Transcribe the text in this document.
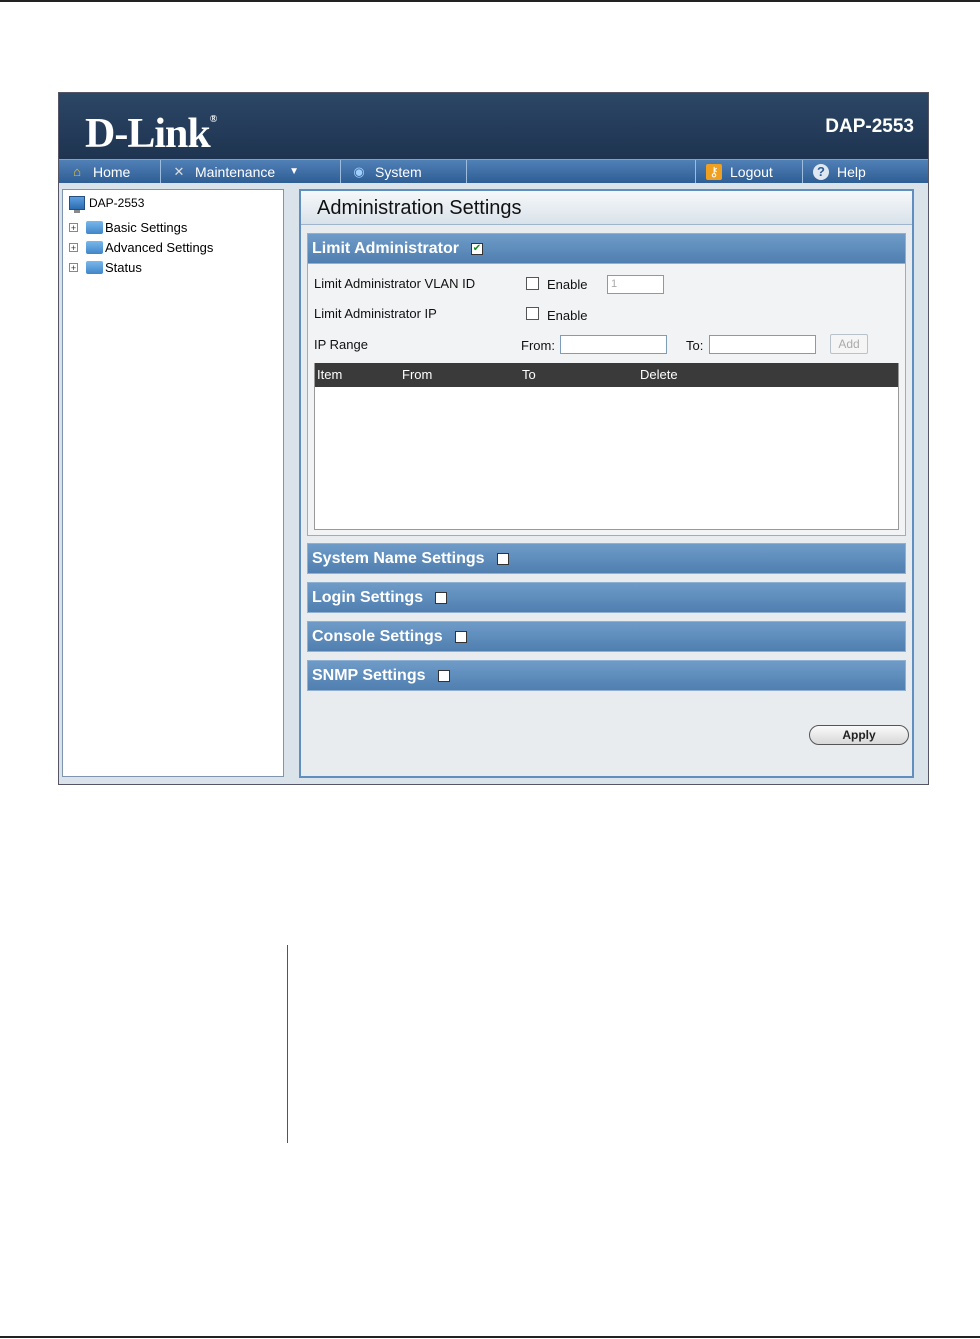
D-Link®	DAP-2553
⌂ Home	✕ Maintenance ▼	◉ System	⚷ Logout	? Help
DAP-2553
+ Basic Settings
+ Advanced Settings
+ Status
Administration Settings
Limit Administrator ✔
Limit Administrator VLAN ID	Enable	1
Limit Administrator IP	Enable
IP Range	From:	To:	Add
Item	From	To	Delete
System Name Settings
Login Settings
Console Settings
SNMP Settings
Apply
